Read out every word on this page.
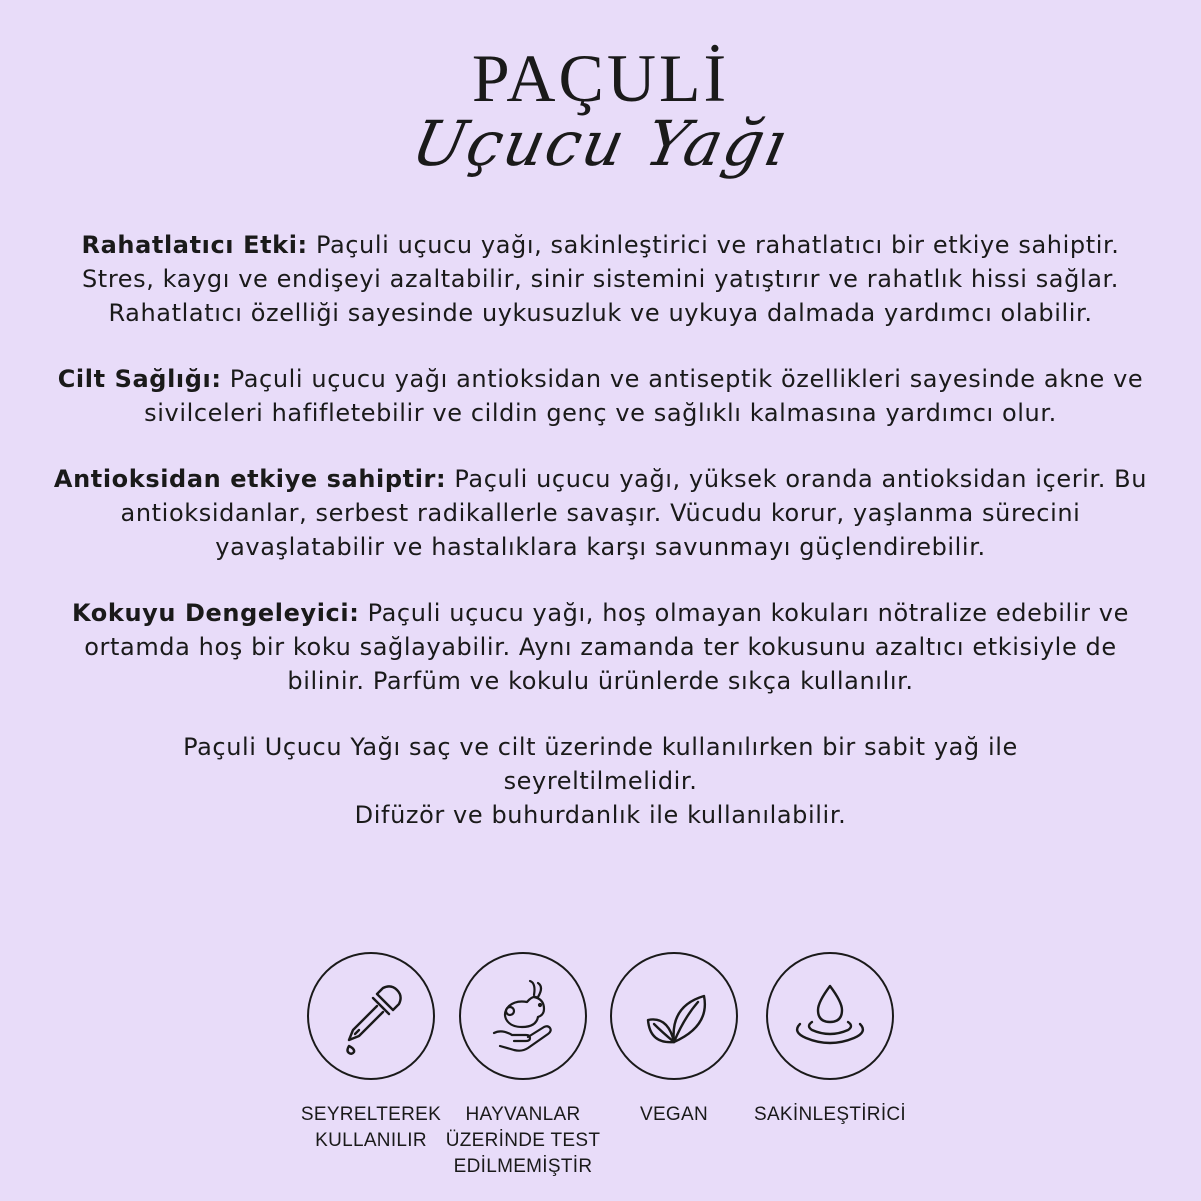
PAÇULİ
Uçucu Yağı

Rahatlatıcı Etki: Paçuli uçucu yağı, sakinleştirici ve rahatlatıcı bir etkiye sahiptir. Stres, kaygı ve endişeyi azaltabilir, sinir sistemini yatıştırır ve rahatlık hissi sağlar. Rahatlatıcı özelliği sayesinde uykusuzluk ve uykuya dalmada yardımcı olabilir.

Cilt Sağlığı: Paçuli uçucu yağı antioksidan ve antiseptik özellikleri sayesinde akne ve sivilceleri hafifletebilir ve cildin genç ve sağlıklı kalmasına yardımcı olur.

Antioksidan etkiye sahiptir: Paçuli uçucu yağı, yüksek oranda antioksidan içerir. Bu antioksidanlar, serbest radikallerle savaşır. Vücudu korur, yaşlanma sürecini yavaşlatabilir ve hastalıklara karşı savunmayı güçlendirebilir.

Kokuyu Dengeleyici: Paçuli uçucu yağı, hoş olmayan kokuları nötralize edebilir ve ortamda hoş bir koku sağlayabilir. Aynı zamanda ter kokusunu azaltıcı etkisiyle de bilinir. Parfüm ve kokulu ürünlerde sıkça kullanılır.

Paçuli Uçucu Yağı saç ve cilt üzerinde kullanılırken bir sabit yağ ile seyreltilmelidir.
Difüzör ve buhurdanlık ile kullanılabilir.

SEYRELTEREK
KULLANILIR
HAYVANLAR
ÜZERİNDE TEST
EDİLMEMİŞTİR
VEGAN	SAKİNLEŞTİRİCİ
